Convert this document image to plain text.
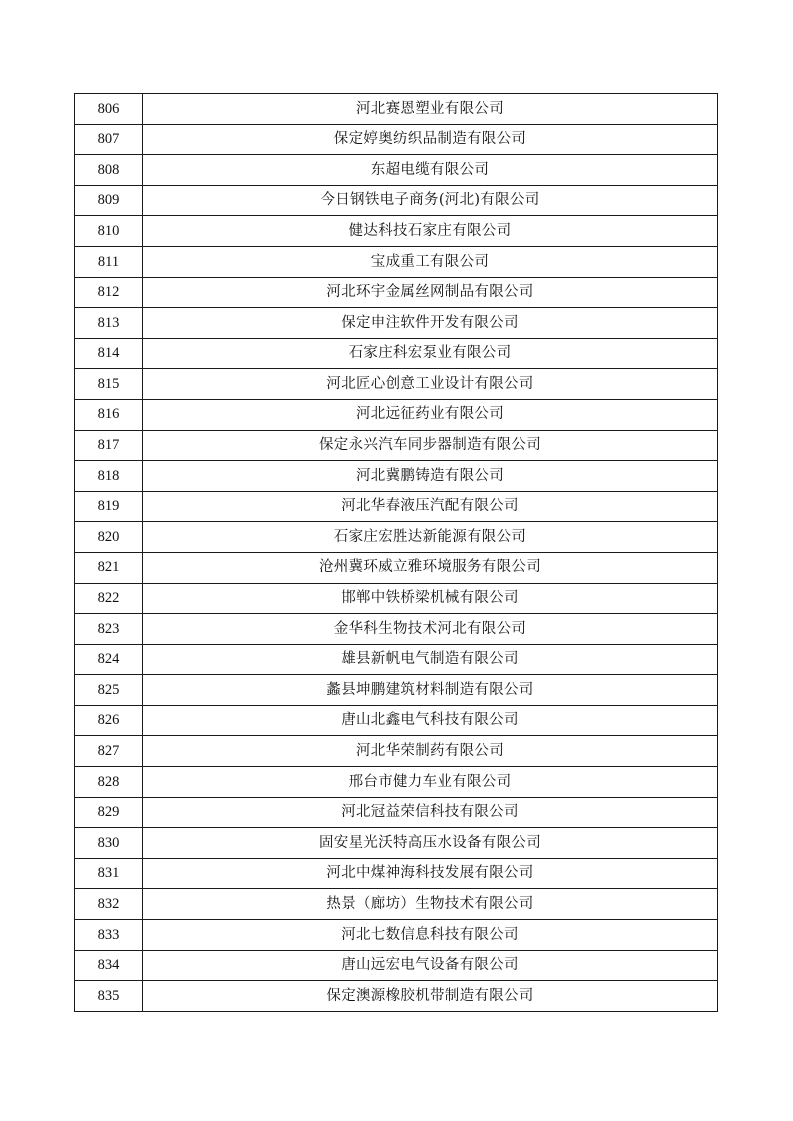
806	河北赛恩塑业有限公司
807	保定婷奥纺织品制造有限公司
808	东超电缆有限公司
809	今日钢铁电子商务(河北)有限公司
810	健达科技石家庄有限公司
811	宝成重工有限公司
812	河北环宇金属丝网制品有限公司
813	保定申注软件开发有限公司
814	石家庄科宏泵业有限公司
815	河北匠心创意工业设计有限公司
816	河北远征药业有限公司
817	保定永兴汽车同步器制造有限公司
818	河北冀鹏铸造有限公司
819	河北华春液压汽配有限公司
820	石家庄宏胜达新能源有限公司
821	沧州冀环威立雅环境服务有限公司
822	邯郸中铁桥梁机械有限公司
823	金华科生物技术河北有限公司
824	雄县新帆电气制造有限公司
825	蠡县坤鹏建筑材料制造有限公司
826	唐山北鑫电气科技有限公司
827	河北华荣制药有限公司
828	邢台市健力车业有限公司
829	河北冠益荣信科技有限公司
830	固安星光沃特高压水设备有限公司
831	河北中煤神海科技发展有限公司
832	热景（廊坊）生物技术有限公司
833	河北七数信息科技有限公司
834	唐山远宏电气设备有限公司
835	保定澳源橡胶机带制造有限公司
